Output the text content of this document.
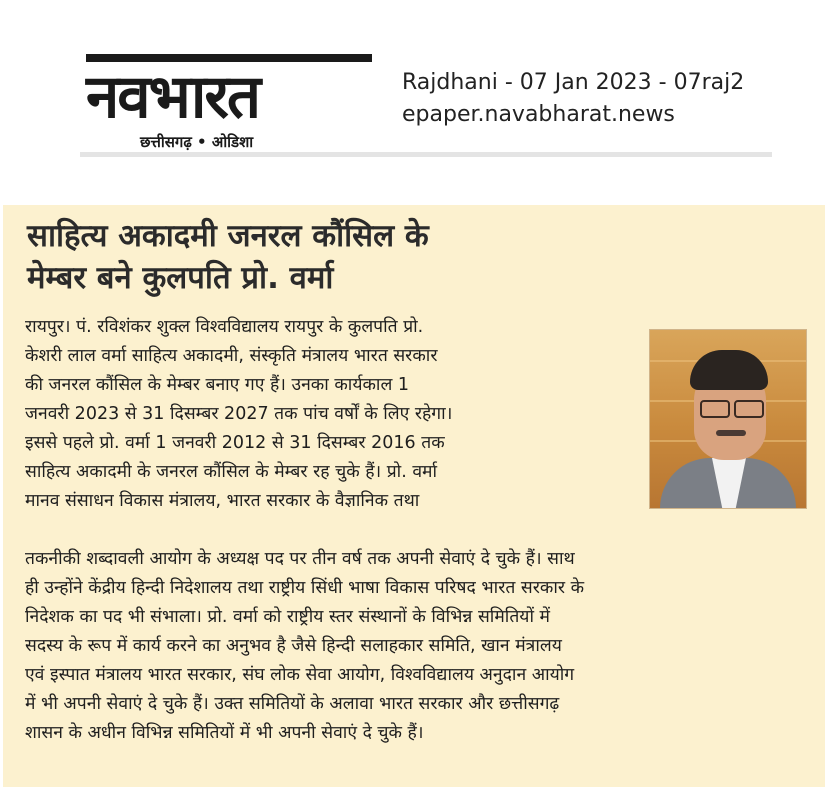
नवभारत
छत्तीसगढ़ • ओडिशा
Rajdhani - 07 Jan 2023 - 07raj2
epaper.navabharat.news
साहित्य अकादमी जनरल कौंसिल के
मेम्बर बने कुलपति प्रो. वर्मा
रायपुर। पं. रविशंकर शुक्ल विश्वविद्यालय रायपुर के कुलपति प्रो.
केशरी लाल वर्मा साहित्य अकादमी, संस्कृति मंत्रालय भारत सरकार
की जनरल कौंसिल के मेम्बर बनाए गए हैं। उनका कार्यकाल 1
जनवरी 2023 से 31 दिसम्बर 2027 तक पांच वर्षों के लिए रहेगा।
इससे पहले प्रो. वर्मा 1 जनवरी 2012 से 31 दिसम्बर 2016 तक
साहित्य अकादमी के जनरल कौंसिल के मेम्बर रह चुके हैं। प्रो. वर्मा
मानव संसाधन विकास मंत्रालय, भारत सरकार के वैज्ञानिक तथा
तकनीकी शब्दावली आयोग के अध्यक्ष पद पर तीन वर्ष तक अपनी सेवाएं दे चुके हैं। साथ
ही उन्होंने केंद्रीय हिन्दी निदेशालय तथा राष्ट्रीय सिंधी भाषा विकास परिषद भारत सरकार के
निदेशक का पद भी संभाला। प्रो. वर्मा को राष्ट्रीय स्तर संस्थानों के विभिन्न समितियों में
सदस्य के रूप में कार्य करने का अनुभव है जैसे हिन्दी सलाहकार समिति, खान मंत्रालय
एवं इस्पात मंत्रालय भारत सरकार, संघ लोक सेवा आयोग, विश्वविद्यालय अनुदान आयोग
में भी अपनी सेवाएं दे चुके हैं। उक्त समितियों के अलावा भारत सरकार और छत्तीसगढ़
शासन के अधीन विभिन्न समितियों में भी अपनी सेवाएं दे चुके हैं।
